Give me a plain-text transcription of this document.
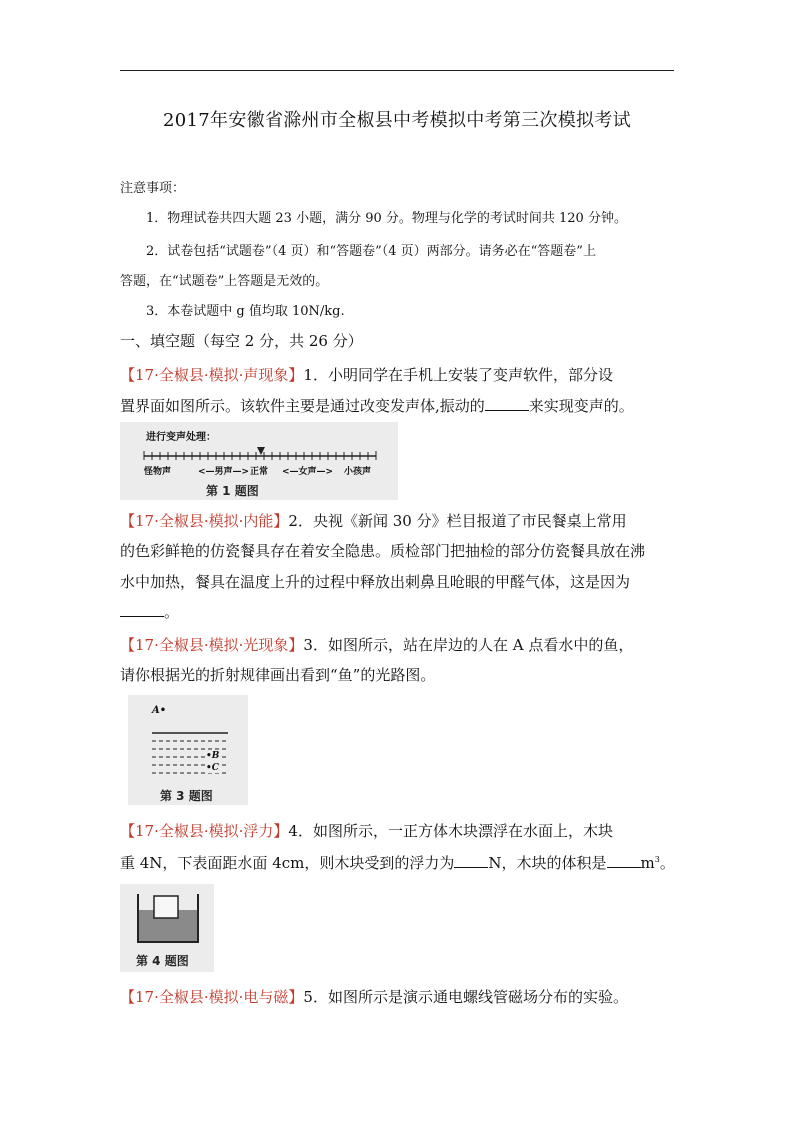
2017年安徽省滁州市全椒县中考模拟中考第三次模拟考试
注意事项：
1．物理试卷共四大题 23 小题，满分 90 分。物理与化学的考试时间共 120 分钟。
2．试卷包括“试题卷”（4 页）和“答题卷”（4 页）两部分。请务必在“答题卷”上
答题，在“试题卷”上答题是无效的。
3．本卷试题中 g 值均取 10N/kg.
一、填空题（每空 2 分，共 26 分）
【17·全椒县·模拟·声现象】1．小明同学在手机上安装了变声软件，部分设
置界面如图所示。该软件主要是通过改变发声体,振动的	来实现变声的。
进行变声处理：
怪物声	<—男声—> 正常 <—女声—> 小孩声
第 1 题图
【17·全椒县·模拟·内能】2．央视《新闻 30 分》栏目报道了市民餐桌上常用
的色彩鲜艳的仿瓷餐具存在着安全隐患。质检部门把抽检的部分仿瓷餐具放在沸
水中加热，餐具在温度上升的过程中释放出刺鼻且呛眼的甲醛气体，这是因为
。
【17·全椒县·模拟·光现象】3．如图所示，站在岸边的人在 A 点看水中的鱼，
请你根据光的折射规律画出看到“鱼”的光路图。
A•
•B
•C
第 3 题图
【17·全椒县·模拟·浮力】4．如图所示，一正方体木块漂浮在水面上，木块
重 4N，下表面距水面 4cm，则木块受到的浮力为 N，木块的体积是 $m^3$。
第 4 题图
【17·全椒县·模拟·电与磁】5．如图所示是演示通电螺线管磁场分布的实验。
